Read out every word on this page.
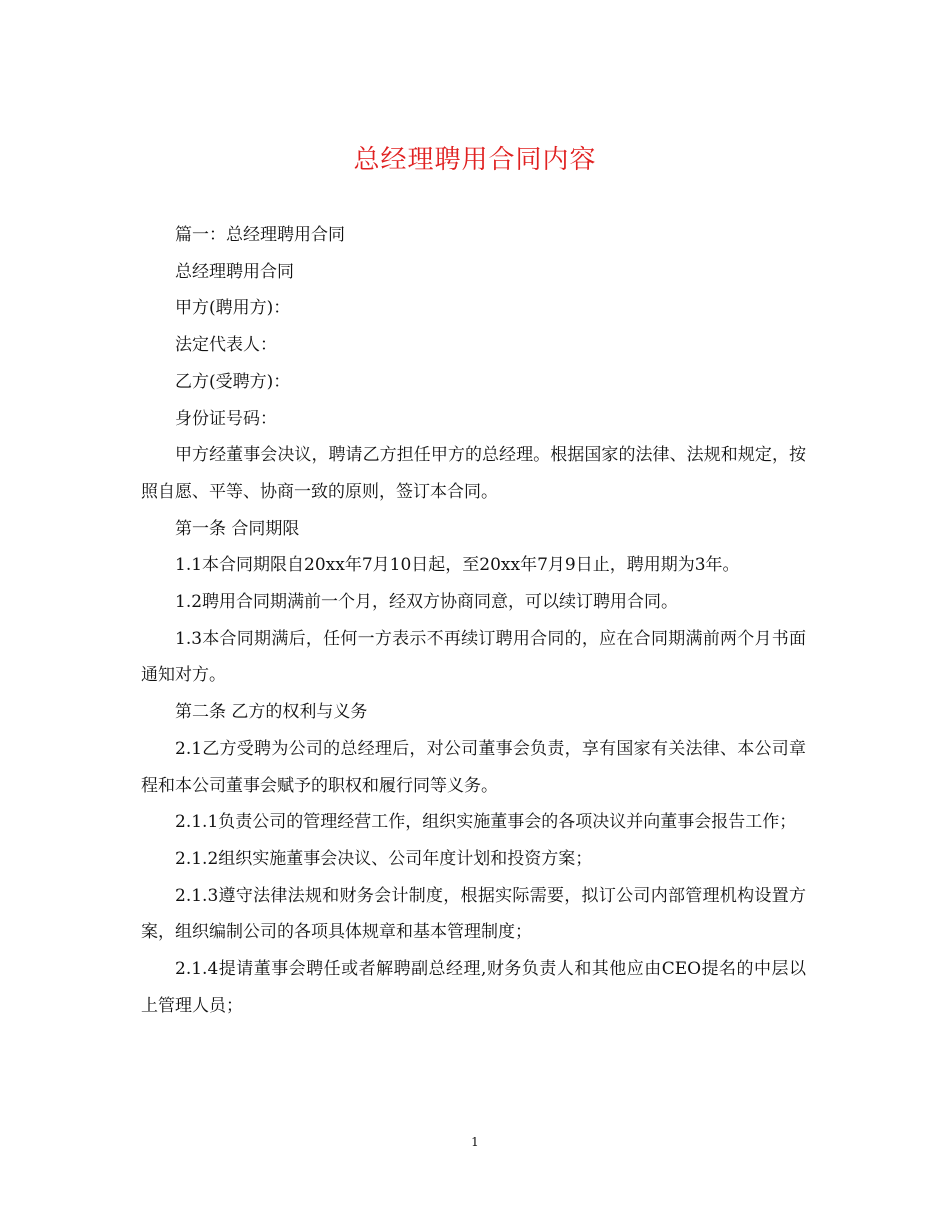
总经理聘用合同内容

篇一：总经理聘用合同

总经理聘用合同

甲方(聘用方)：

法定代表人：

乙方(受聘方)：

身份证号码：

甲方经董事会决议，聘请乙方担任甲方的总经理。根据国家的法律、法规和规定，按照自愿、平等、协商一致的原则，签订本合同。

第一条 合同期限

1.1本合同期限自20xx年7月10日起，至20xx年7月9日止，聘用期为3年。

1.2聘用合同期满前一个月，经双方协商同意，可以续订聘用合同。

1.3本合同期满后，任何一方表示不再续订聘用合同的，应在合同期满前两个月书面通知对方。

第二条 乙方的权利与义务

2.1乙方受聘为公司的总经理后，对公司董事会负责，享有国家有关法律、本公司章程和本公司董事会赋予的职权和履行同等义务。

2.1.1负责公司的管理经营工作，组织实施董事会的各项决议并向董事会报告工作；

2.1.2组织实施董事会决议、公司年度计划和投资方案；

2.1.3遵守法律法规和财务会计制度，根据实际需要，拟订公司内部管理机构设置方案，组织编制公司的各项具体规章和基本管理制度；

2.1.4提请董事会聘任或者解聘副总经理,财务负责人和其他应由CEO提名的中层以上管理人员；

1
